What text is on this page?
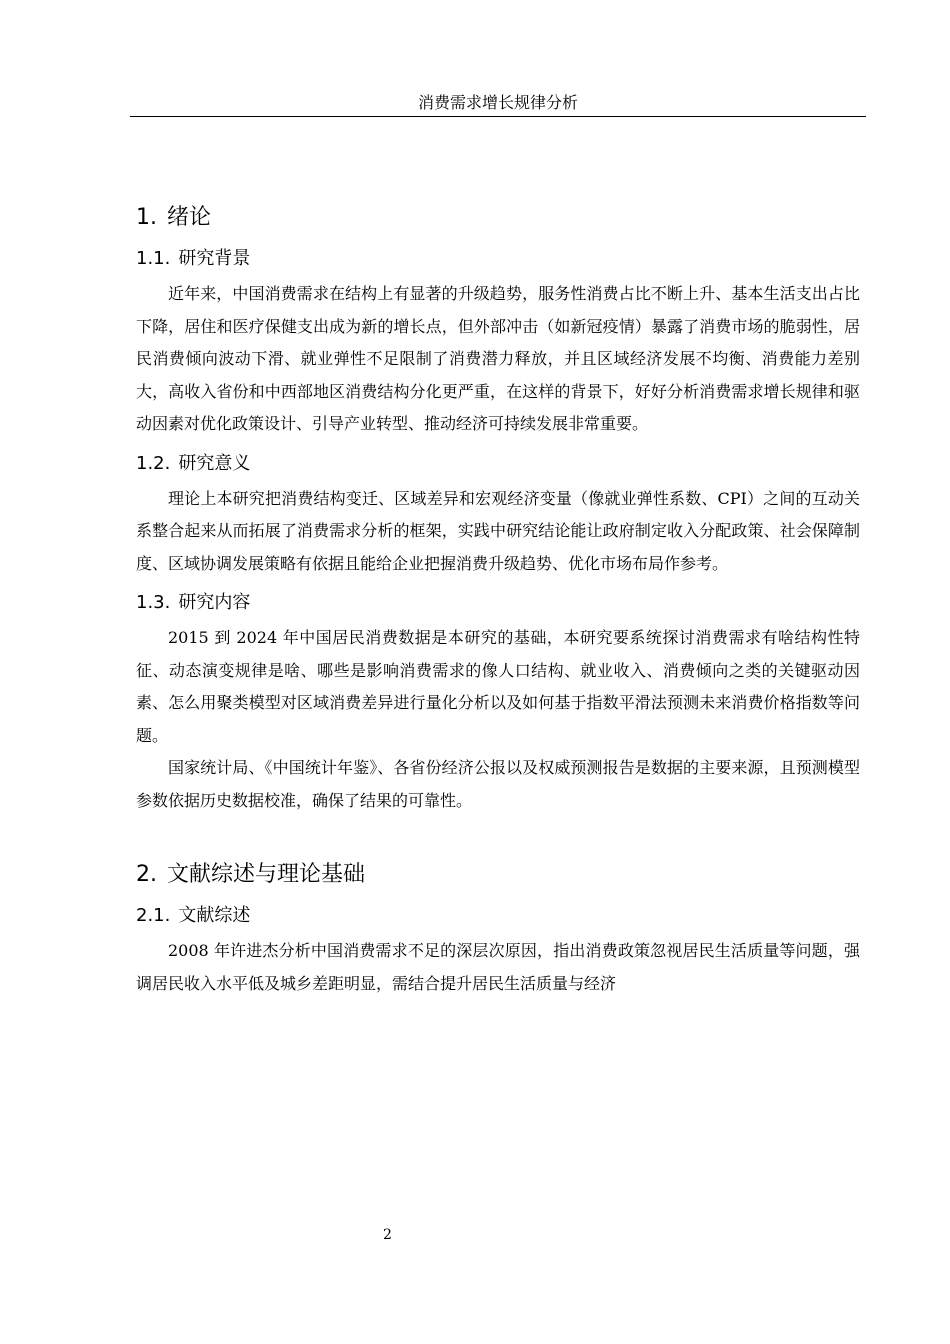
消费需求增长规律分析
1. 绪论
1.1. 研究背景

近年来，中国消费需求在结构上有显著的升级趋势，服务性消费占比不断上升、基本生活支出占比下降，居住和医疗保健支出成为新的增长点，但外部冲击（如新冠疫情）暴露了消费市场的脆弱性，居民消费倾向波动下滑、就业弹性不足限制了消费潜力释放，并且区域经济发展不均衡、消费能力差别大，高收入省份和中西部地区消费结构分化更严重，在这样的背景下，好好分析消费需求增长规律和驱动因素对优化政策设计、引导产业转型、推动经济可持续发展非常重要。

1.2. 研究意义

理论上本研究把消费结构变迁、区域差异和宏观经济变量（像就业弹性系数、CPI）之间的互动关系整合起来从而拓展了消费需求分析的框架，实践中研究结论能让政府制定收入分配政策、社会保障制度、区域协调发展策略有依据且能给企业把握消费升级趋势、优化市场布局作参考。

1.3. 研究内容

2015 到 2024 年中国居民消费数据是本研究的基础，本研究要系统探讨消费需求有啥结构性特征、动态演变规律是啥、哪些是影响消费需求的像人口结构、就业收入、消费倾向之类的关键驱动因素、怎么用聚类模型对区域消费差异进行量化分析以及如何基于指数平滑法预测未来消费价格指数等问题。

国家统计局、《中国统计年鉴》、各省份经济公报以及权威预测报告是数据的主要来源，且预测模型参数依据历史数据校准，确保了结果的可靠性。

2. 文献综述与理论基础
2.1. 文献综述

2008 年许进杰分析中国消费需求不足的深层次原因，指出消费政策忽视居民生活质量等问题，强调居民收入水平低及城乡差距明显，需结合提升居民生活质量与经济

2
